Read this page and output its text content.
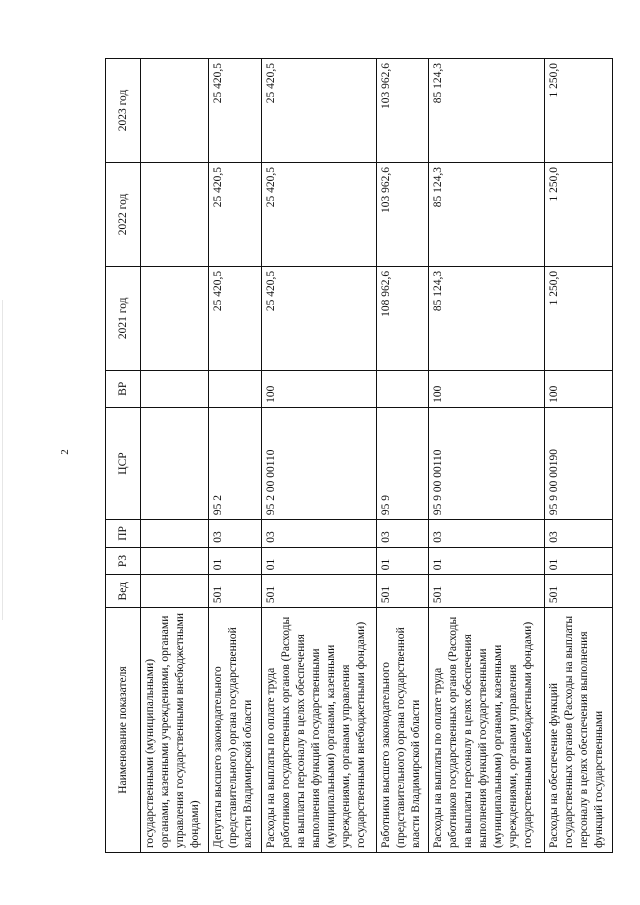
2
Наименование показателя	Вед	РЗ	ПР	ЦСР	ВР	2021 год	2022 год	2023 год
государственными (муниципальными) органами, казенными учреждениями, органами управления государственными внебюджетными фондами)								
Депутаты высшего законодательного (представительного) органа государственной власти Владимирской области	501	01	03	95 2		25 420,5	25 420,5	25 420,5
Расходы на выплаты по оплате труда работников государственных органов (Расходы на выплаты персоналу в целях обеспечения выполнения функций государственными (муниципальными) органами, казенными учреждениями, органами управления государственными внебюджетными фондами)	501	01	03	95 2 00 00110	100	25 420,5	25 420,5	25 420,5
Работники высшего законодательного (представительного) органа государственной власти Владимирской области	501	01	03	95 9		108 962,6	103 962,6	103 962,6
Расходы на выплаты по оплате труда работников государственных органов (Расходы на выплаты персоналу в целях обеспечения выполнения функций государственными (муниципальными) органами, казенными учреждениями, органами управления государственными внебюджетными фондами)	501	01	03	95 9 00 00110	100	85 124,3	85 124,3	85 124,3
Расходы на обеспечение функций государственных органов (Расходы на выплаты персоналу в целях обеспечения выполнения функций государственными	501	01	03	95 9 00 00190	100	1 250,0	1 250,0	1 250,0
